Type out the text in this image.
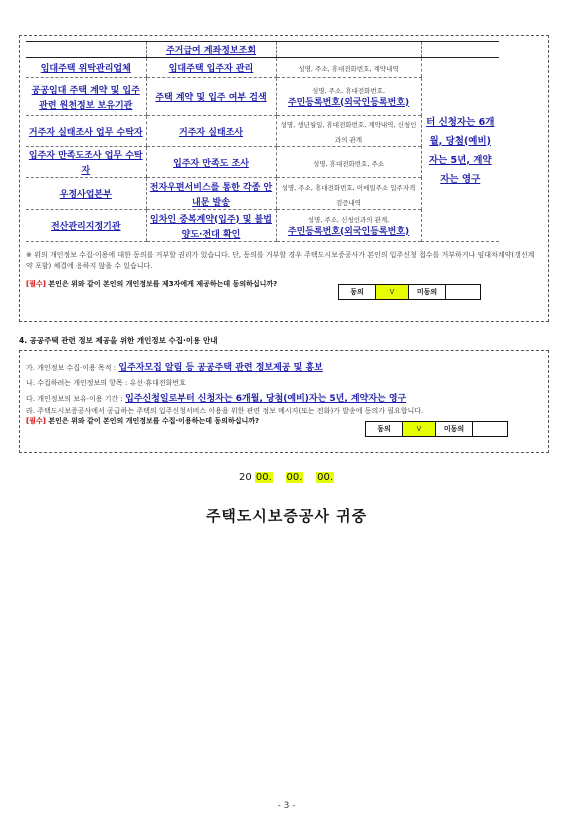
	주거급여 계좌정보조회		
임대주택 위탁관리업체	임대주택 입주자 관리	성명, 주소, 휴대전화번호, 계약내역	터 신청자는 6개월, 당첨(예비)자는 5년, 계약자는 영구
공공임대 주택 계약 및 입주 관련 원천정보 보유기관	주택 계약 및 입주 여부 검색	성명, 주소, 휴대전화번호,
주민등록번호(외국인등록번호)	

거주자 실태조사 업무 수탁자	거주자 실태조사	성명, 생년월일, 휴대전화번호, 계약내역, 신청인과의 관계	
입주자 만족도조사 업무 수탁자	입주자 만족도 조사	성명, 휴대전화번호, 주소	
우정사업본부	전자우편서비스를 통한 각종 안내문 발송	성명, 주소, 휴대전화번호, 이메일주소 입주자격 검증내역	
전산관리지정기관	임차인 중복계약(입주) 및 불법 양도·전대 확인	성명, 주소, 신청인과의 관계,
주민등록번호(외국인등록번호)	
※ 위의 개인정보 수집·이용에 대한 동의를 거부할 권리가 있습니다. 단, 동의를 거부할 경우 주택도시보증공사가 본인의 입주신청 접수를 거부하거나 임대차계약(갱신계약 포함) 체결에 응하지 않을 수 있습니다.
[필수] 본인은 위와 같이 본인의 개인정보를 제3자에게 제공하는데 동의하십니까?
동의	V	미동의
4. 공공주택 관련 정보 제공을 위한 개인정보 수집·이용 안내
가. 개인정보 수집·이용 목적 : 입주자모집 알림 등 공공주택 관련 정보제공 및 홍보
나. 수집하려는 개인정보의 항목 : 유선·휴대전화번호
다. 개인정보의 보유·이용 기간 : 입주신청일로부터 신청자는 6개월, 당첨(예비)자는 5년, 계약자는 영구
라. 주택도시보증공사에서 공급하는 주택의 입주신청서비스 이용을 위한 관련 정보 메시지(또는 전화)가 발송에 동의가 필요합니다.
[필수] 본인은 위와 같이 본인의 개인정보를 수집·이용하는데 동의하십니까?
동의	V	미동의
20 00. 00. 00.
주택도시보증공사 귀중
- 3 -
